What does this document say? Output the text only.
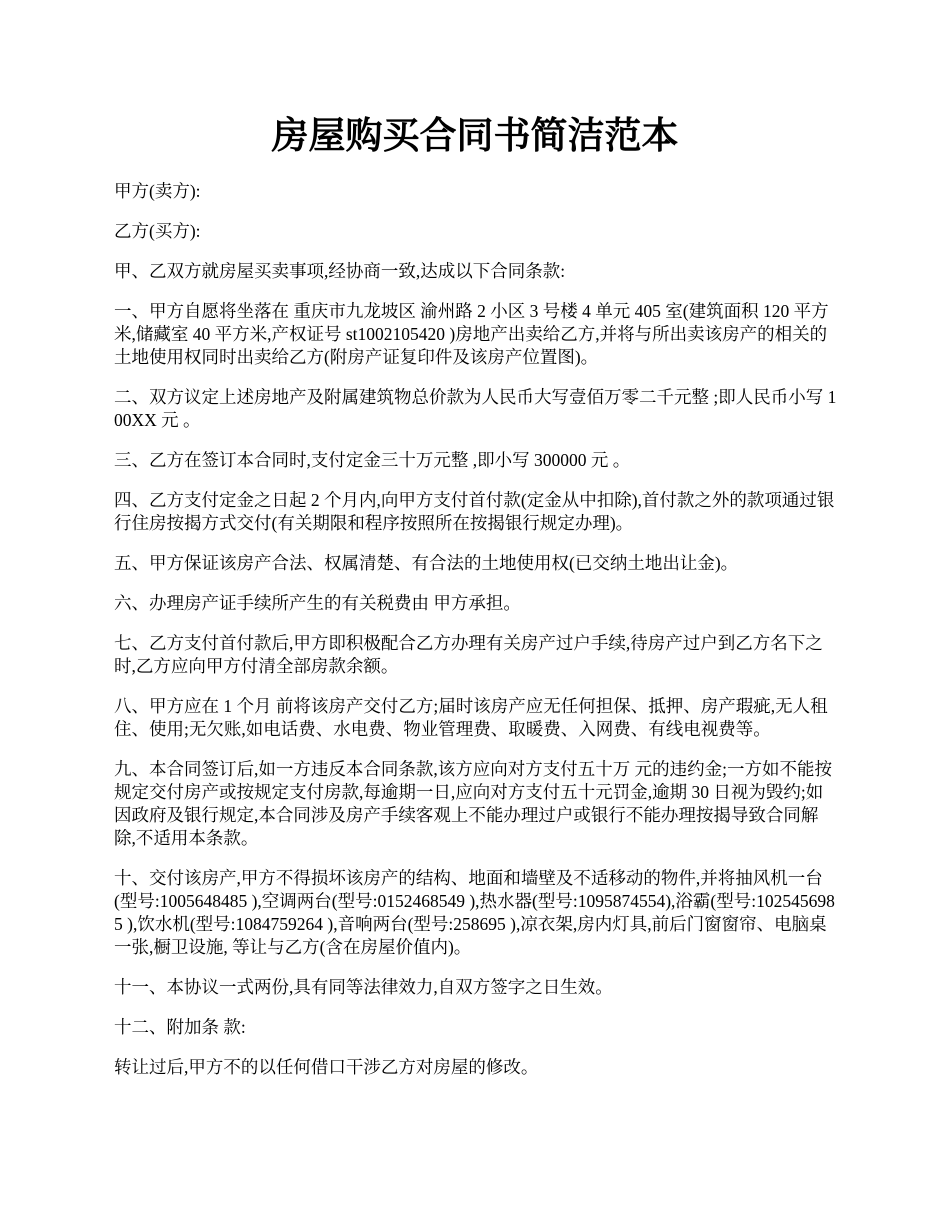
房屋购买合同书简洁范本

甲方(卖方):

乙方(买方):

甲、乙双方就房屋买卖事项,经协商一致,达成以下合同条款:

一、甲方自愿将坐落在 重庆市九龙坡区 渝州路 2 小区 3 号楼 4 单元 405 室(建筑面积 120 平方米,储藏室 40 平方米,产权证号 st1002105420 )房地产出卖给乙方,并将与所出卖该房产的相关的土地使用权同时出卖给乙方(附房产证复印件及该房产位置图)。

二、双方议定上述房地产及附属建筑物总价款为人民币大写壹佰万零二千元整 ;即人民币小写 100XX 元 。

三、乙方在签订本合同时,支付定金三十万元整 ,即小写 300000 元 。

四、乙方支付定金之日起 2 个月内,向甲方支付首付款(定金从中扣除),首付款之外的款项通过银行住房按揭方式交付(有关期限和程序按照所在按揭银行规定办理)。

五、甲方保证该房产合法、权属清楚、有合法的土地使用权(已交纳土地出让金)。

六、办理房产证手续所产生的有关税费由 甲方承担。

七、乙方支付首付款后,甲方即积极配合乙方办理有关房产过户手续,待房产过户到乙方名下之时,乙方应向甲方付清全部房款余额。

八、甲方应在 1 个月 前将该房产交付乙方;届时该房产应无任何担保、抵押、房产瑕疵,无人租住、使用;无欠账,如电话费、水电费、物业管理费、取暖费、入网费、有线电视费等。

九、本合同签订后,如一方违反本合同条款,该方应向对方支付五十万 元的违约金;一方如不能按规定交付房产或按规定支付房款,每逾期一日,应向对方支付五十元罚金,逾期 30 日视为毁约;如因政府及银行规定,本合同涉及房产手续客观上不能办理过户或银行不能办理按揭导致合同解除,不适用本条款。

十、交付该房产,甲方不得损坏该房产的结构、地面和墙壁及不适移动的物件,并将抽风机一台(型号:1005648485 ),空调两台(型号:0152468549 ),热水器(型号:1095874554),浴霸(型号:1025456985 ),饮水机(型号:1084759264 ),音响两台(型号:258695 ),凉衣架,房内灯具,前后门窗窗帘、电脑桌一张,橱卫设施, 等让与乙方(含在房屋价值内)。

十一、本协议一式两份,具有同等法律效力,自双方签字之日生效。

十二、附加条 款:

转让过后,甲方不的以任何借口干涉乙方对房屋的修改。
